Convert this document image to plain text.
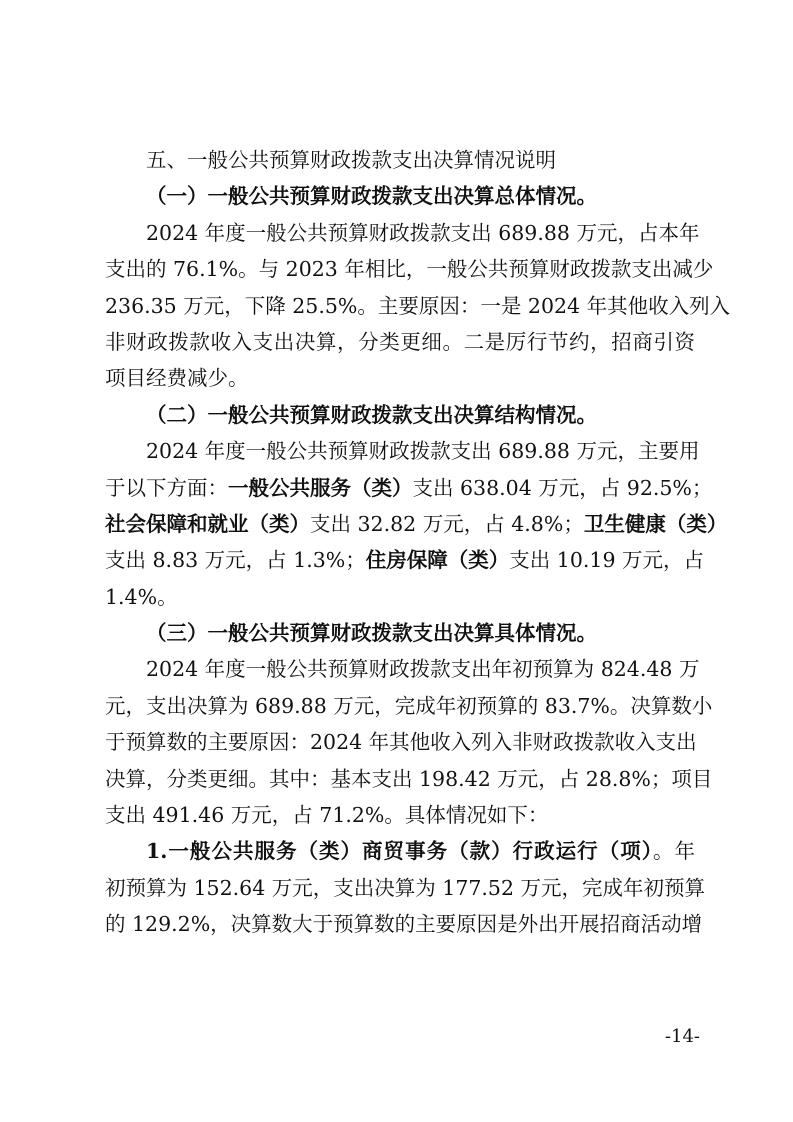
五、一般公共预算财政拨款支出决算情况说明
（一）一般公共预算财政拨款支出决算总体情况。
2024 年度一般公共预算财政拨款支出 689.88 万元，占本年
支出的 76.1%。与 2023 年相比，一般公共预算财政拨款支出减少
236.35 万元，下降 25.5%。主要原因：一是 2024 年其他收入列入
非财政拨款收入支出决算，分类更细。二是厉行节约，招商引资
项目经费减少。
（二）一般公共预算财政拨款支出决算结构情况。
2024 年度一般公共预算财政拨款支出 689.88 万元，主要用
于以下方面：一般公共服务（类）支出 638.04 万元，占 92.5%；
社会保障和就业（类）支出 32.82 万元，占 4.8%；卫生健康（类）
支出 8.83 万元，占 1.3%；住房保障（类）支出 10.19 万元，占
1.4%。
（三）一般公共预算财政拨款支出决算具体情况。
2024 年度一般公共预算财政拨款支出年初预算为 824.48 万
元，支出决算为 689.88 万元，完成年初预算的 83.7%。决算数小
于预算数的主要原因：2024 年其他收入列入非财政拨款收入支出
决算，分类更细。其中：基本支出 198.42 万元，占 28.8%；项目
支出 491.46 万元，占 71.2%。具体情况如下：
1.一般公共服务（类）商贸事务（款）行政运行（项）。年
初预算为 152.64 万元，支出决算为 177.52 万元，完成年初预算
的 129.2%，决算数大于预算数的主要原因是外出开展招商活动增
-14-
